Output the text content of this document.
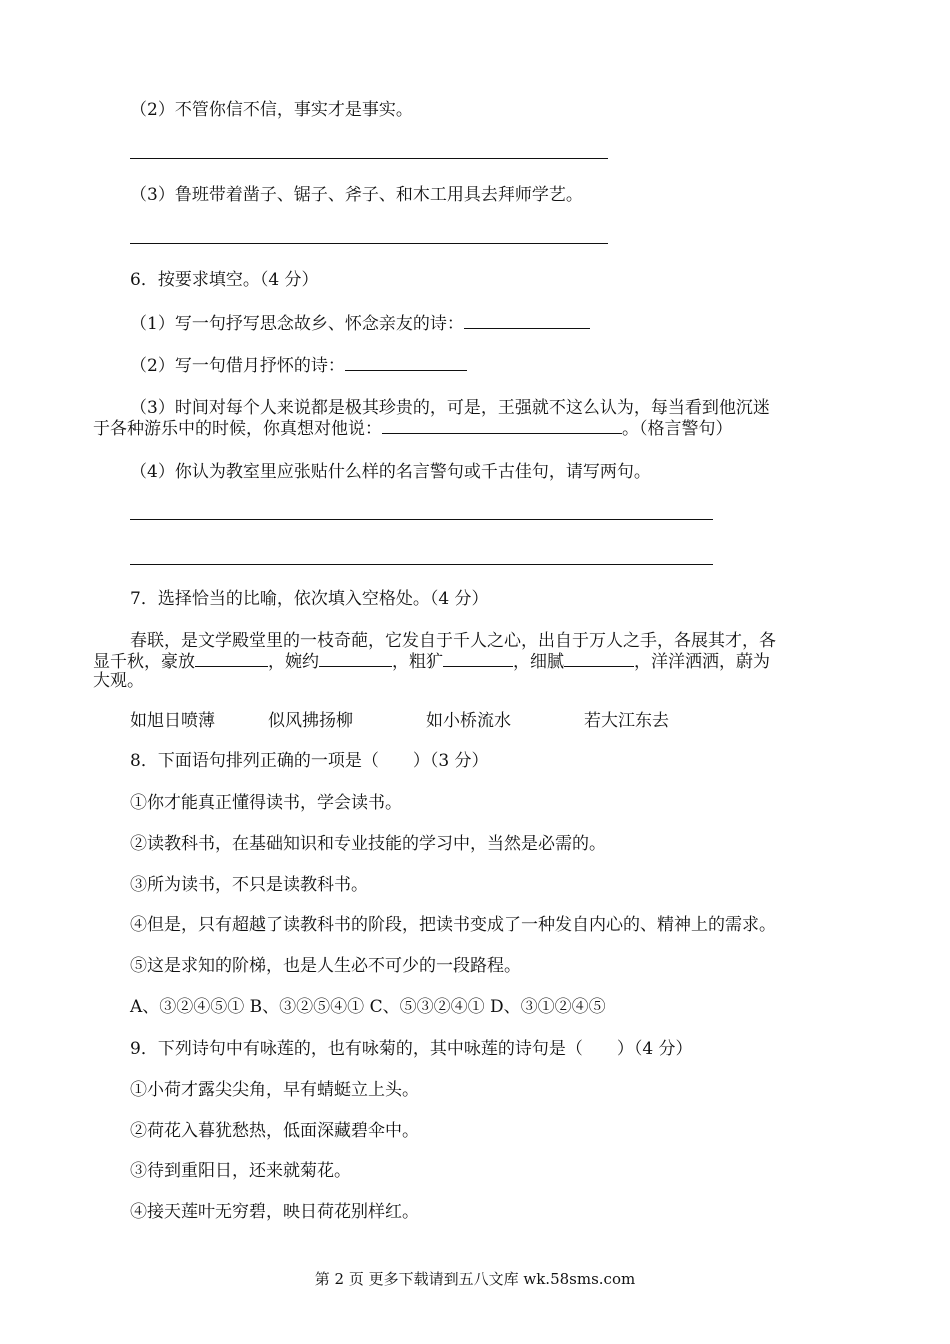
（2）不管你信不信，事实才是事实。
（3）鲁班带着凿子、锯子、斧子、和木工用具去拜师学艺。
6．按要求填空。（4 分）
（1）写一句抒写思念故乡、怀念亲友的诗：
（2）写一句借月抒怀的诗：
（3）时间对每个人来说都是极其珍贵的，可是，王强就不这么认为，每当看到他沉迷
于各种游乐中的时候，你真想对他说：	。（格言警句）
（4）你认为教室里应张贴什么样的名言警句或千古佳句，请写两句。
7．选择恰当的比喻，依次填入空格处。（4 分）
春联，是文学殿堂里的一枝奇葩，它发自于千人之心，出自于万人之手，各展其才，各
显千秋，豪放	，婉约	，粗犷	，细腻	，洋洋洒洒，蔚为
大观。
如旭日喷薄	似风拂扬柳	如小桥流水	若大江东去
8．下面语句排列正确的一项是（　　）（3 分）
①你才能真正懂得读书，学会读书。
②读教科书，在基础知识和专业技能的学习中，当然是必需的。
③所为读书，不只是读教科书。
④但是，只有超越了读教科书的阶段，把读书变成了一种发自内心的、精神上的需求。
⑤这是求知的阶梯，也是人生必不可少的一段路程。
A、③②④⑤① B、③②⑤④① C、⑤③②④① D、③①②④⑤
9．下列诗句中有咏莲的，也有咏菊的，其中咏莲的诗句是（　　）（4 分）
①小荷才露尖尖角，早有蜻蜓立上头。
②荷花入暮犹愁热，低面深藏碧伞中。
③待到重阳日，还来就菊花。
④接天莲叶无穷碧，映日荷花别样红。
第 2 页 更多下载请到五八文库 wk.58sms.com
